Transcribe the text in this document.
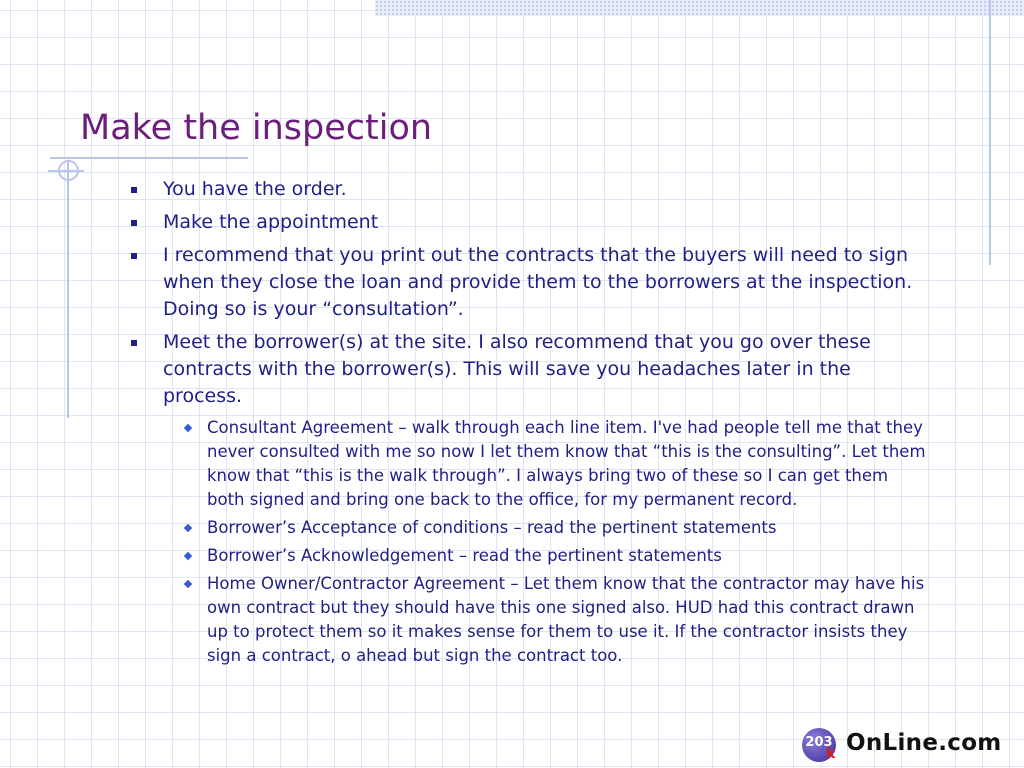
Make the inspection
You have the order.
Make the appointment
I recommend that you print out the contracts that the buyers will need to sign when they close the loan and provide them to the borrowers at the inspection. Doing so is your “consultation”.
Meet the borrower(s) at the site. I also recommend that you go over these contracts with the borrower(s). This will save you headaches later in the process.
Consultant Agreement – walk through each line item. I've had people tell me that they never consulted with me so now I let them know that “this is the consulting”. Let them know that “this is the walk through”. I always bring two of these so I can get them both signed and bring one back to the office, for my permanent record.
Borrower’s Acceptance of conditions – read the pertinent statements
Borrower’s Acknowledgement – read the pertinent statements
Home Owner/Contractor Agreement – Let them know that the contractor may have his own contract but they should have this one signed also. HUD had this contract drawn up to protect them so it makes sense for them to use it. If the contractor insists they sign a contract, o ahead but sign the contract too.
203
k OnLine.com
